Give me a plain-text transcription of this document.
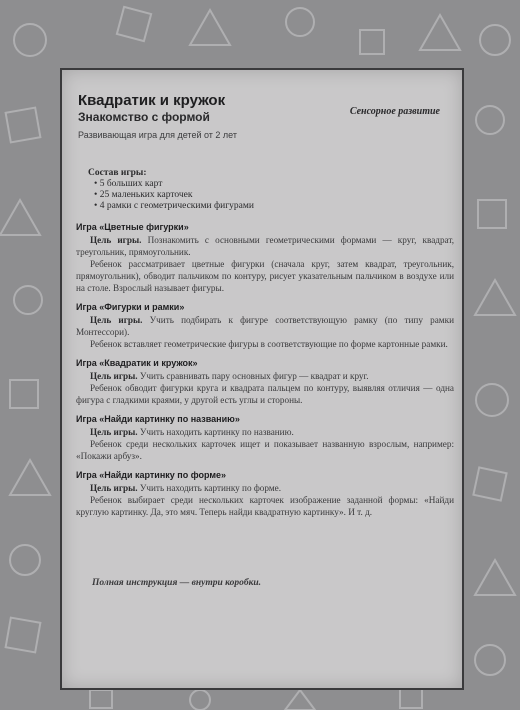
Квадратик и кружок
Знакомство с формой	Сенсорное развитие
Развивающая игра для детей от 2 лет
Состав игры:
• 5 больших карт
• 25 маленьких карточек
• 4 рамки с геометрическими фигурами
Игра «Цветные фигурки»
Цель игры. Познакомить с основными геометрическими формами — круг, квадрат, треугольник, прямоугольник.
Ребенок рассматривает цветные фигурки (сначала круг, затем квадрат, треугольник, прямоугольник), обводит пальчиком по контуру, рисует указательным пальчиком в воздухе или на столе. Взрослый называет фигуры.
Игра «Фигурки и рамки»
Цель игры. Учить подбирать к фигуре соответствующую рамку (по типу рамки Монтессори).
Ребенок вставляет геометрические фигуры в соответствующие по форме картонные рамки.
Игра «Квадратик и кружок»
Цель игры. Учить сравнивать пару основных фигур — квадрат и круг.
Ребенок обводит фигурки круга и квадрата пальцем по контуру, выявляя отличия — одна фигура с гладкими краями, у другой есть углы и стороны.
Игра «Найди картинку по названию»
Цель игры. Учить находить картинку по названию.
Ребенок среди нескольких карточек ищет и показывает названную взрослым, например: «Покажи арбуз».
Игра «Найди картинку по форме»
Цель игры. Учить находить картинку по форме.
Ребенок выбирает среди нескольких карточек изображение заданной формы: «Найди круглую картинку. Да, это мяч. Теперь найди квадратную картинку». И т. д.
Полная инструкция — внутри коробки.
